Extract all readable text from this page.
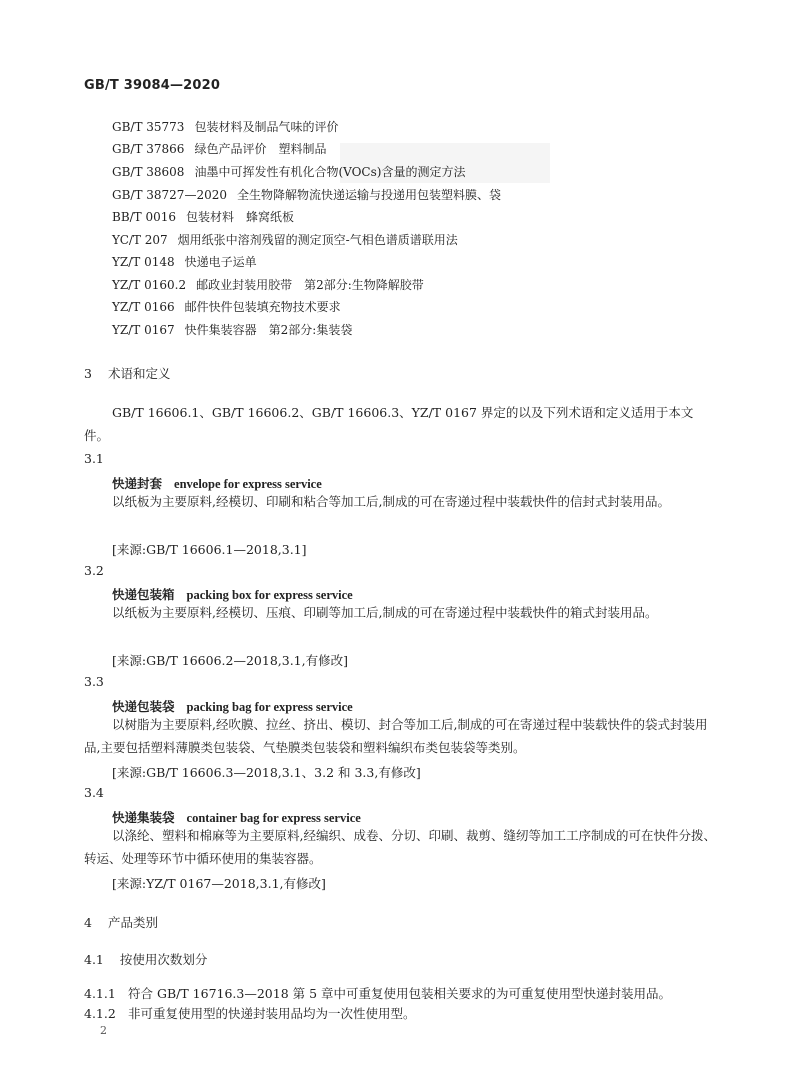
GB/T 39084—2020
GB/T 35773 包装材料及制品气味的评价
GB/T 37866 绿色产品评价　塑料制品
GB/T 38608 油墨中可挥发性有机化合物(VOCs)含量的测定方法
GB/T 38727—2020 全生物降解物流快递运输与投递用包装塑料膜、袋
BB/T 0016 包装材料　蜂窝纸板
YC/T 207 烟用纸张中溶剂残留的测定顶空-气相色谱质谱联用法
YZ/T 0148 快递电子运单
YZ/T 0160.2 邮政业封装用胶带　第2部分:生物降解胶带
YZ/T 0166 邮件快件包装填充物技术要求
YZ/T 0167 快件集装容器　第2部分:集装袋
3 术语和定义
GB/T 16606.1、GB/T 16606.2、GB/T 16606.3、YZ/T 0167 界定的以及下列术语和定义适用于本文件。
3.1
快递封套 envelope for express service
以纸板为主要原料,经模切、印刷和粘合等加工后,制成的可在寄递过程中装载快件的信封式封装用品。
[来源:GB/T 16606.1—2018,3.1]
3.2
快递包装箱 packing box for express service
以纸板为主要原料,经模切、压痕、印刷等加工后,制成的可在寄递过程中装载快件的箱式封装用品。
[来源:GB/T 16606.2—2018,3.1,有修改]
3.3
快递包装袋 packing bag for express service
以树脂为主要原料,经吹膜、拉丝、挤出、模切、封合等加工后,制成的可在寄递过程中装载快件的袋式封装用品,主要包括塑料薄膜类包装袋、气垫膜类包装袋和塑料编织布类包装袋等类别。
[来源:GB/T 16606.3—2018,3.1、3.2 和 3.3,有修改]
3.4
快递集装袋 container bag for express service
以涤纶、塑料和棉麻等为主要原料,经编织、成卷、分切、印刷、裁剪、缝纫等加工工序制成的可在快件分拨、转运、处理等环节中循环使用的集装容器。
[来源:YZ/T 0167—2018,3.1,有修改]
4 产品类别
4.1 按使用次数划分
4.1.1 符合 GB/T 16716.3—2018 第 5 章中可重复使用包装相关要求的为可重复使用型快递封装用品。
4.1.2 非可重复使用型的快递封装用品均为一次性使用型。
2
